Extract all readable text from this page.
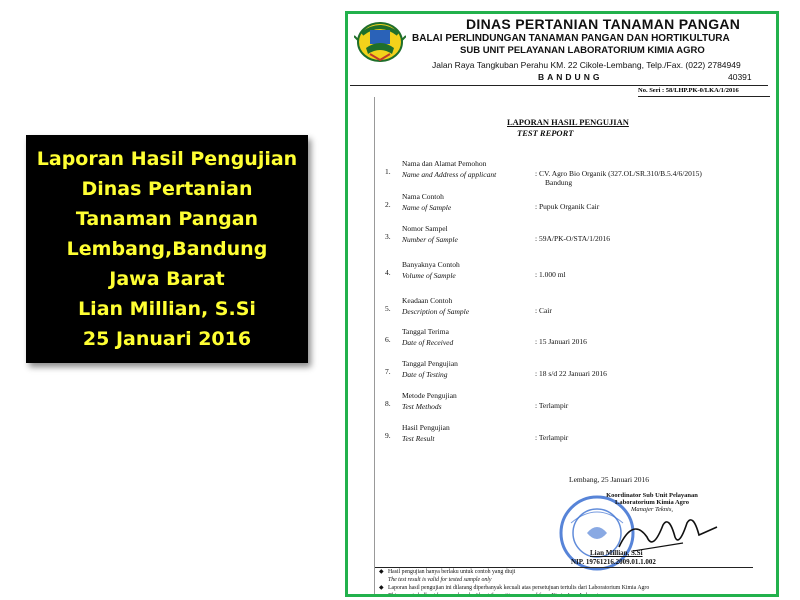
Laporan Hasil Pengujian
Dinas Pertanian
Tanaman Pangan
Lembang,Bandung
Jawa Barat
Lian Millian, S.Si
25 Januari 2016
DINAS PERTANIAN TANAMAN PANGAN
BALAI PERLINDUNGAN TANAMAN PANGAN DAN HORTIKULTURA
SUB UNIT PELAYANAN LABORATORIUM KIMIA AGRO
Jalan Raya Tangkuban Perahu KM. 22 Cikole-Lembang, Telp./Fax. (022) 2784949
BANDUNG	40391
No. Seri : 58/LHP.PK-0/LKA/1/2016
LAPORAN HASIL PENGUJIAN
TEST REPORT
1.
Nama dan Alamat Pemohon
Name and Address of applicant	: CV. Agro Bio Organik (327.OL/SR.310/B.5.4/6/2015)
Bandung
2.
Nama Contoh
Name of Sample	: Pupuk Organik Cair
3.
Nomor Sampel
Number of Sample	: 59A/PK-O/STA/1/2016
4.
Banyaknya Contoh
Volume of Sample	: 1.000 ml
5.
Keadaan Contoh
Description of Sample	: Cair
6.
Tanggal Terima
Date of Received	: 15 Januari 2016
7.
Tanggal Pengujian
Date of Testing	: 18 s/d 22 Januari 2016
8.
Metode Pengujian
Test Methods	: Terlampir
9.
Hasil Pengujian
Test Result	: Terlampir
Lembang, 25 Januari 2016
Koordinator Sub Unit Pelayanan
Laboratorium Kimia Agro
Manajer Teknis,
Lian Millian, S.Si
NIP. 19761216.2009.01.1.002
◆ Hasil pengujian hanya berlaku untuk contoh yang diuji
The test result is valid for tested sample only
◆ Laporan hasil pengujian ini dilarang diperbanyak kecuali atas persetujuan tertulis dari Laboratorium Kimia Agro
This report shall not be reproduced without the written approval from Kimia Agro Laboratory
